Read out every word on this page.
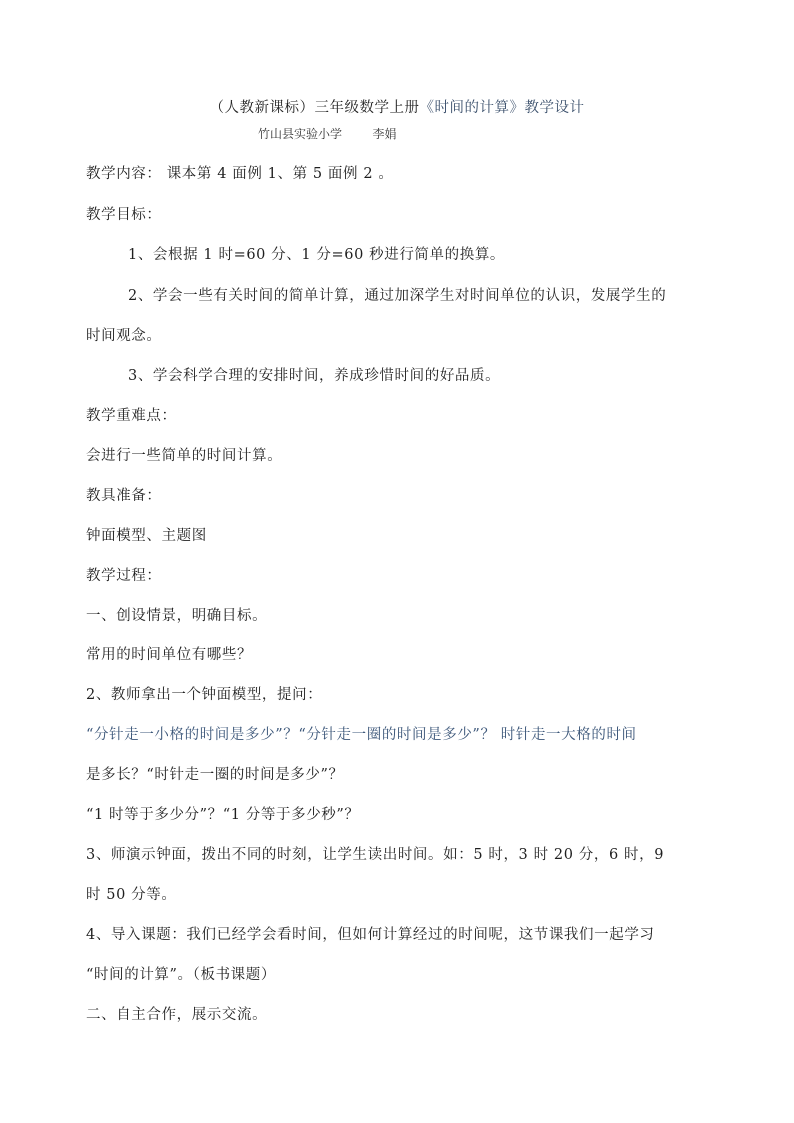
（人教新课标）三年级数学上册《时间的计算》教学设计
竹山县实验小学        李娟
教学内容： 课本第 4 面例 1、第 5 面例 2 。
教学目标：
1、会根据 1 时=60 分、1 分=60 秒进行简单的换算。
2、学会一些有关时间的简单计算，通过加深学生对时间单位的认识，发展学生的
时间观念。
3、学会科学合理的安排时间，养成珍惜时间的好品质。
教学重难点：
会进行一些简单的时间计算。
教具准备：
钟面模型、主题图
教学过程：
一、创设情景，明确目标。
常用的时间单位有哪些？
2、教师拿出一个钟面模型，提问：
“分针走一小格的时间是多少”？“分针走一圈的时间是多少”？ 时针走一大格的时间
是多长？“时针走一圈的时间是多少”？
“1 时等于多少分”？“1 分等于多少秒”？
3、师演示钟面，拨出不同的时刻，让学生读出时间。如：5 时，3 时 20 分，6 时，9
时 50 分等。
4、导入课题：我们已经学会看时间，但如何计算经过的时间呢，这节课我们一起学习
“时间的计算”。（板书课题）
二、自主合作，展示交流。
